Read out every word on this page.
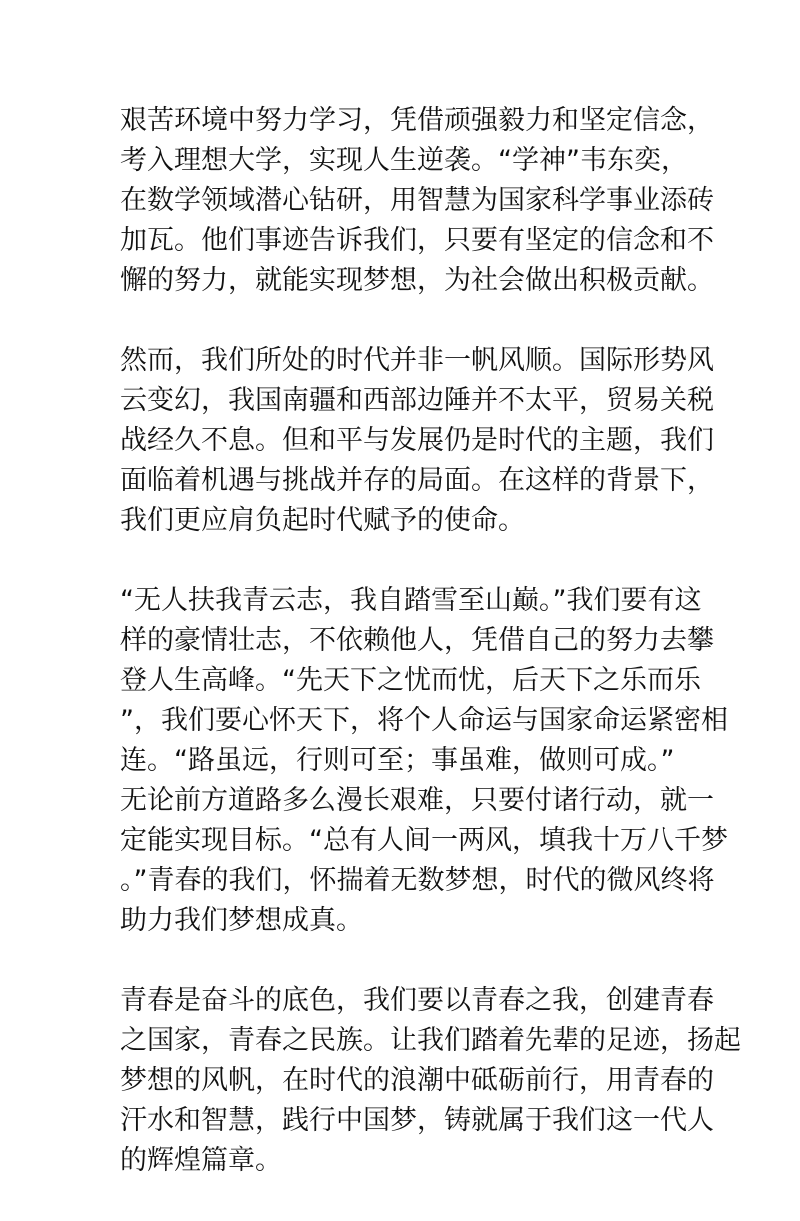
艰苦环境中努力学习，凭借顽强毅力和坚定信念，
考入理想大学，实现人生逆袭。“学神”韦东奕，
在数学领域潜心钻研，用智慧为国家科学事业添砖
加瓦。他们事迹告诉我们，只要有坚定的信念和不
懈的努力，就能实现梦想，为社会做出积极贡献。

然而，我们所处的时代并非一帆风顺。国际形势风
云变幻，我国南疆和西部边陲并不太平，贸易关税
战经久不息。但和平与发展仍是时代的主题，我们
面临着机遇与挑战并存的局面。在这样的背景下，
我们更应肩负起时代赋予的使命。

“无人扶我青云志，我自踏雪至山巅。”我们要有这
样的豪情壮志，不依赖他人，凭借自己的努力去攀
登人生高峰。“先天下之忧而忧，后天下之乐而乐
”，我们要心怀天下，将个人命运与国家命运紧密相
连。“路虽远，行则可至；事虽难，做则可成。”
无论前方道路多么漫长艰难，只要付诸行动，就一
定能实现目标。“总有人间一两风，填我十万八千梦
。”青春的我们，怀揣着无数梦想，时代的微风终将
助力我们梦想成真。

青春是奋斗的底色，我们要以青春之我，创建青春
之国家，青春之民族。让我们踏着先辈的足迹，扬起
梦想的风帆，在时代的浪潮中砥砺前行，用青春的
汗水和智慧，践行中国梦，铸就属于我们这一代人
的辉煌篇章。
